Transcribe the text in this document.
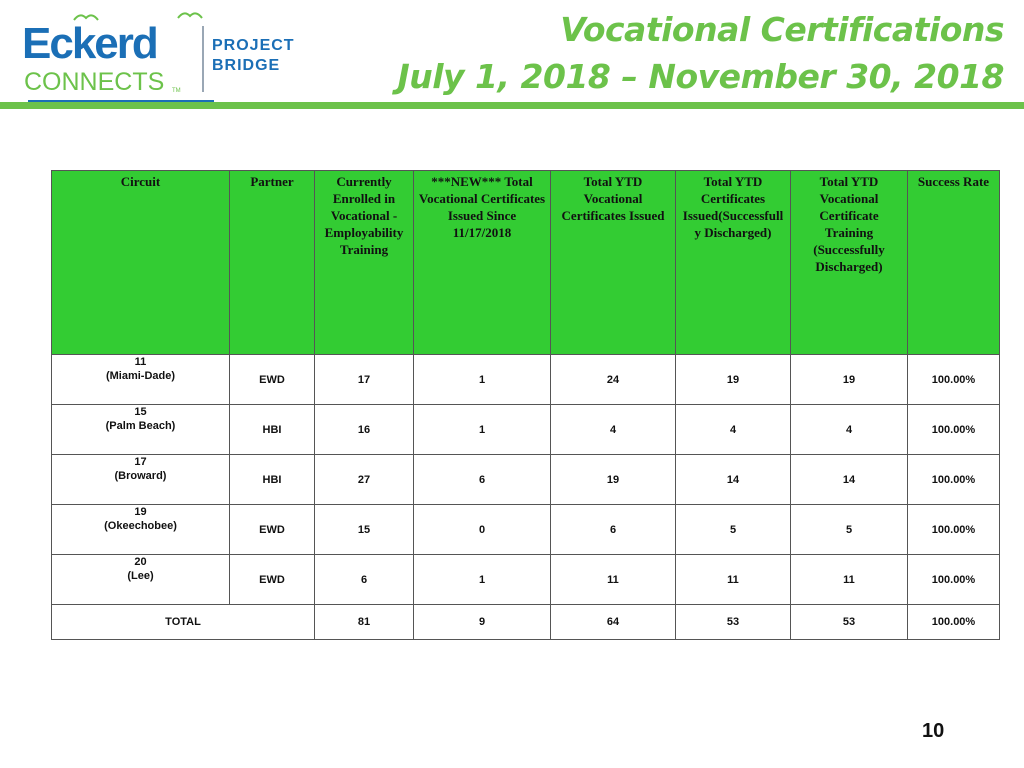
Eckerd
CONNECTS TM
PROJECT
BRIDGE
Vocational Certifications
July 1, 2018 – November 30, 2018
Circuit	Partner	Currently Enrolled in Vocational - Employability Training	***NEW*** Total Vocational Certificates Issued Since 11/17/2018	Total YTD Vocational Certificates Issued	Total YTD Certificates Issued(Successfull y Discharged)	Total YTD Vocational Certificate Training (Successfully Discharged)	Success Rate

11
(Miami-Dade)	EWD	17	1	24	19	19	100.00%

15
(Palm Beach)	HBI	16	1	4	4	4	100.00%

17
(Broward)	HBI	27	6	19	14	14	100.00%

19
(Okeechobee)	EWD	15	0	6	5	5	100.00%

20
(Lee)	EWD	6	1	11	11	11	100.00%
TOTAL		81	9	64	53	53	100.00%
10
